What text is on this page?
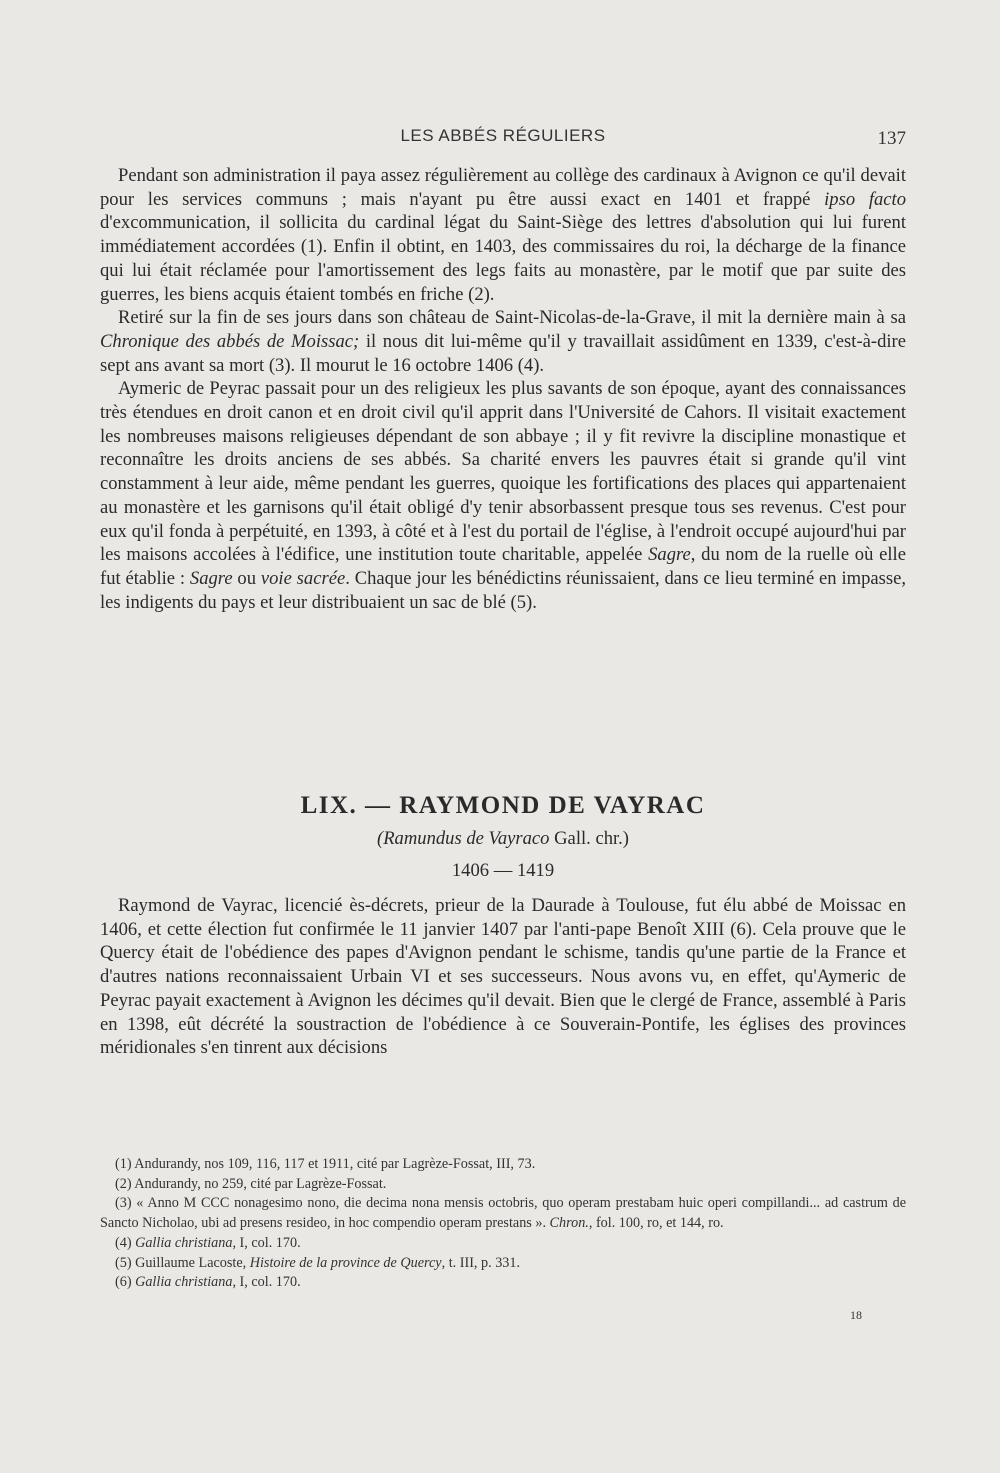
LES ABBÉS RÉGULIERS	137

Pendant son administration il paya assez régulièrement au collège des cardinaux à Avignon ce qu'il devait pour les services communs ; mais n'ayant pu être aussi exact en 1401 et frappé ipso facto d'excommunication, il sollicita du cardinal légat du Saint-Siège des lettres d'absolution qui lui furent immédiatement accordées (1). Enfin il obtint, en 1403, des commissaires du roi, la décharge de la finance qui lui était réclamée pour l'amortissement des legs faits au monastère, par le motif que par suite des guerres, les biens acquis étaient tombés en friche (2).

Retiré sur la fin de ses jours dans son château de Saint-Nicolas-de-la-Grave, il mit la dernière main à sa Chronique des abbés de Moissac; il nous dit lui-même qu'il y travaillait assidûment en 1339, c'est-à-dire sept ans avant sa mort (3). Il mourut le 16 octobre 1406 (4).

Aymeric de Peyrac passait pour un des religieux les plus savants de son époque, ayant des connaissances très étendues en droit canon et en droit civil qu'il apprit dans l'Université de Cahors. Il visitait exactement les nombreuses maisons religieuses dépendant de son abbaye ; il y fit revivre la discipline monastique et reconnaître les droits anciens de ses abbés. Sa charité envers les pauvres était si grande qu'il vint constamment à leur aide, même pendant les guerres, quoique les fortifications des places qui appartenaient au monastère et les garnisons qu'il était obligé d'y tenir absorbassent presque tous ses revenus. C'est pour eux qu'il fonda à perpétuité, en 1393, à côté et à l'est du portail de l'église, à l'endroit occupé aujourd'hui par les maisons accolées à l'édifice, une institution toute charitable, appelée Sagre, du nom de la ruelle où elle fut établie : Sagre ou voie sacrée. Chaque jour les bénédictins réunissaient, dans ce lieu terminé en impasse, les indigents du pays et leur distribuaient un sac de blé (5).

LIX. — RAYMOND DE VAYRAC
(Ramundus de Vayraco Gall. chr.)
1406 — 1419

Raymond de Vayrac, licencié ès-décrets, prieur de la Daurade à Toulouse, fut élu abbé de Moissac en 1406, et cette élection fut confirmée le 11 janvier 1407 par l'anti-pape Benoît XIII (6). Cela prouve que le Quercy était de l'obédience des papes d'Avignon pendant le schisme, tandis qu'une partie de la France et d'autres nations reconnaissaient Urbain VI et ses successeurs. Nous avons vu, en effet, qu'Aymeric de Peyrac payait exactement à Avignon les décimes qu'il devait. Bien que le clergé de France, assemblé à Paris en 1398, eût décrété la soustraction de l'obédience à ce Souverain-Pontife, les églises des provinces méridionales s'en tinrent aux décisions

(1) Andurandy, nos 109, 116, 117 et 1911, cité par Lagrèze-Fossat, III, 73.

(2) Andurandy, no 259, cité par Lagrèze-Fossat.

(3) « Anno M CCC nonagesimo nono, die decima nona mensis octobris, quo operam prestabam huic operi compillandi... ad castrum de Sancto Nicholao, ubi ad presens resideo, in hoc compendio operam prestans ». Chron., fol. 100, ro, et 144, ro.

(4) Gallia christiana, I, col. 170.

(5) Guillaume Lacoste, Histoire de la province de Quercy, t. III, p. 331.

(6) Gallia christiana, I, col. 170.

18
